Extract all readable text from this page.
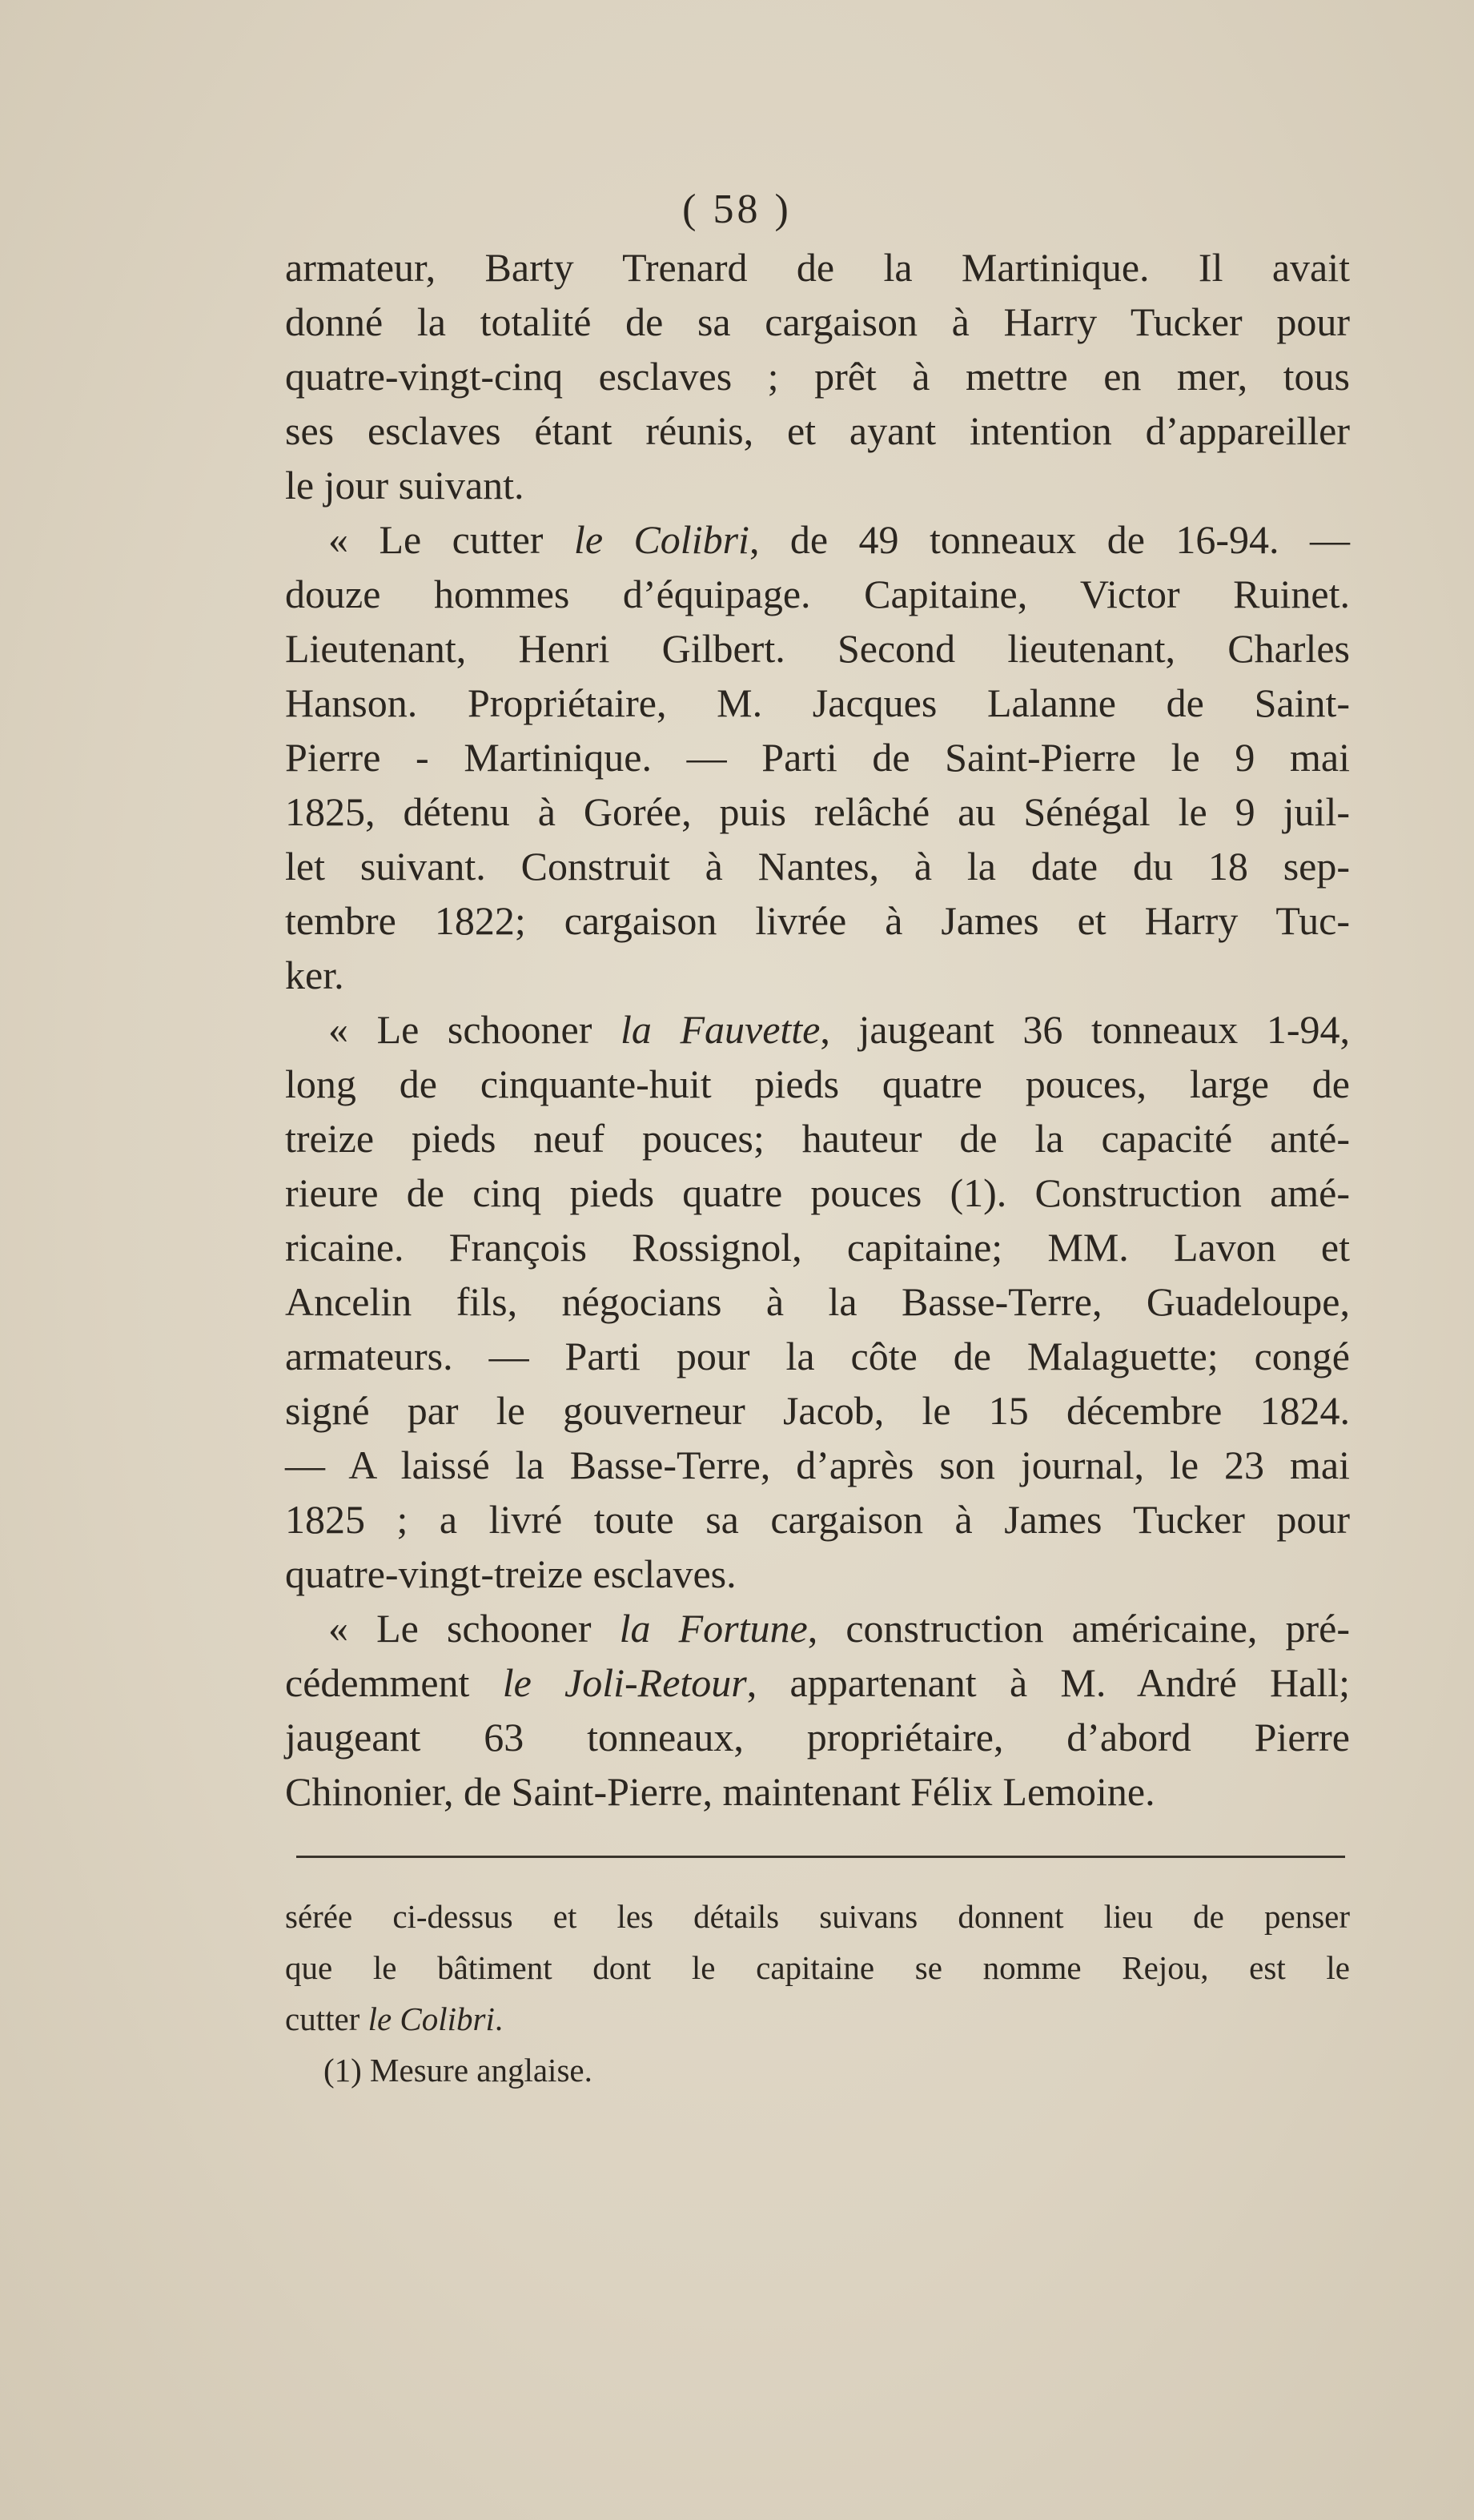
( 58 )
armateur, Barty Trenard de la Martinique. Il avait
donné la totalité de sa cargaison à Harry Tucker pour
quatre-vingt-cinq esclaves ; prêt à mettre en mer, tous
ses esclaves étant réunis, et ayant intention d’appareiller
le jour suivant.
« Le cutter le Colibri, de 49 tonneaux de 16-94. —
douze hommes d’équipage. Capitaine, Victor Ruinet.
Lieutenant, Henri Gilbert. Second lieutenant, Charles
Hanson. Propriétaire, M. Jacques Lalanne de Saint-
Pierre - Martinique. — Parti de Saint-Pierre le 9 mai
1825, détenu à Gorée, puis relâché au Sénégal le 9 juil-
let suivant. Construit à Nantes, à la date du 18 sep-
tembre 1822; cargaison livrée à James et Harry Tuc-
ker.
« Le schooner la Fauvette, jaugeant 36 tonneaux 1-94,
long de cinquante-huit pieds quatre pouces, large de
treize pieds neuf pouces; hauteur de la capacité anté-
rieure de cinq pieds quatre pouces (1). Construction amé-
ricaine. François Rossignol, capitaine; MM. Lavon et
Ancelin fils, négocians à la Basse-Terre, Guadeloupe,
armateurs. — Parti pour la côte de Malaguette; congé
signé par le gouverneur Jacob, le 15 décembre 1824.
— A laissé la Basse-Terre, d’après son journal, le 23 mai
1825 ; a livré toute sa cargaison à James Tucker pour
quatre-vingt-treize esclaves.
« Le schooner la Fortune, construction américaine, pré-
cédemment le Joli-Retour, appartenant à M. André Hall;
jaugeant 63 tonneaux, propriétaire, d’abord Pierre
Chinonier, de Saint-Pierre, maintenant Félix Lemoine.
sérée ci-dessus et les détails suivans donnent lieu de penser
que le bâtiment dont le capitaine se nomme Rejou, est le
cutter le Colibri.
(1) Mesure anglaise.
